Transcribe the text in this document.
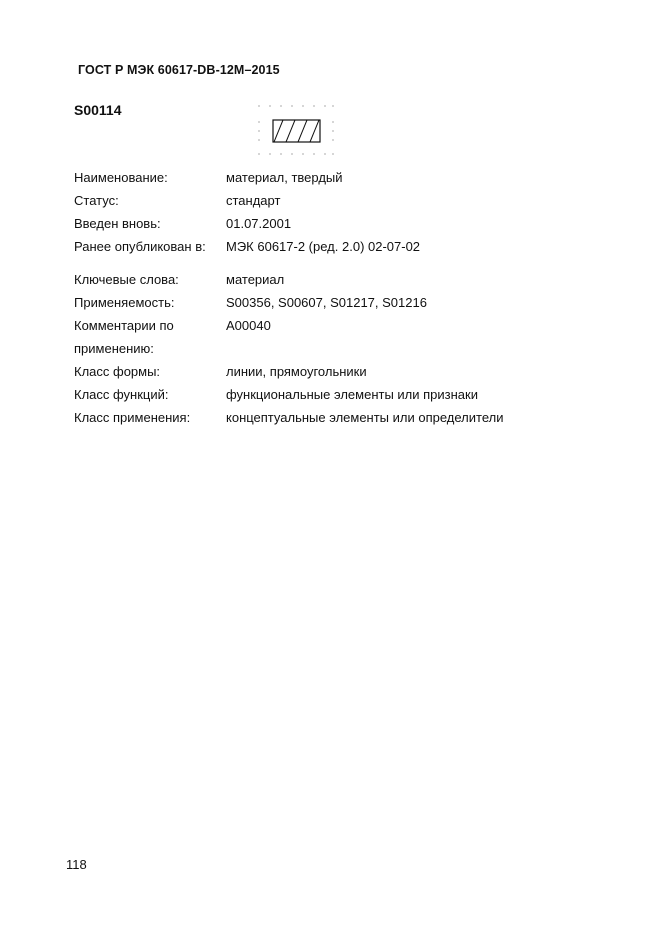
ГОСТ Р МЭК 60617-DB-12M–2015
S00114
Наименование:	материал, твердый
Статус:	стандарт
Введен вновь:	01.07.2001
Ранее опубликован в:	МЭК 60617-2 (ред. 2.0) 02-07-02
Ключевые слова:	материал
Применяемость:	S00356, S00607, S01217, S01216
Комментарии по	A00040
применению:
Класс формы:	линии, прямоугольники
Класс функций:	функциональные элементы или признаки
Класс применения:	концептуальные элементы или определители
118
